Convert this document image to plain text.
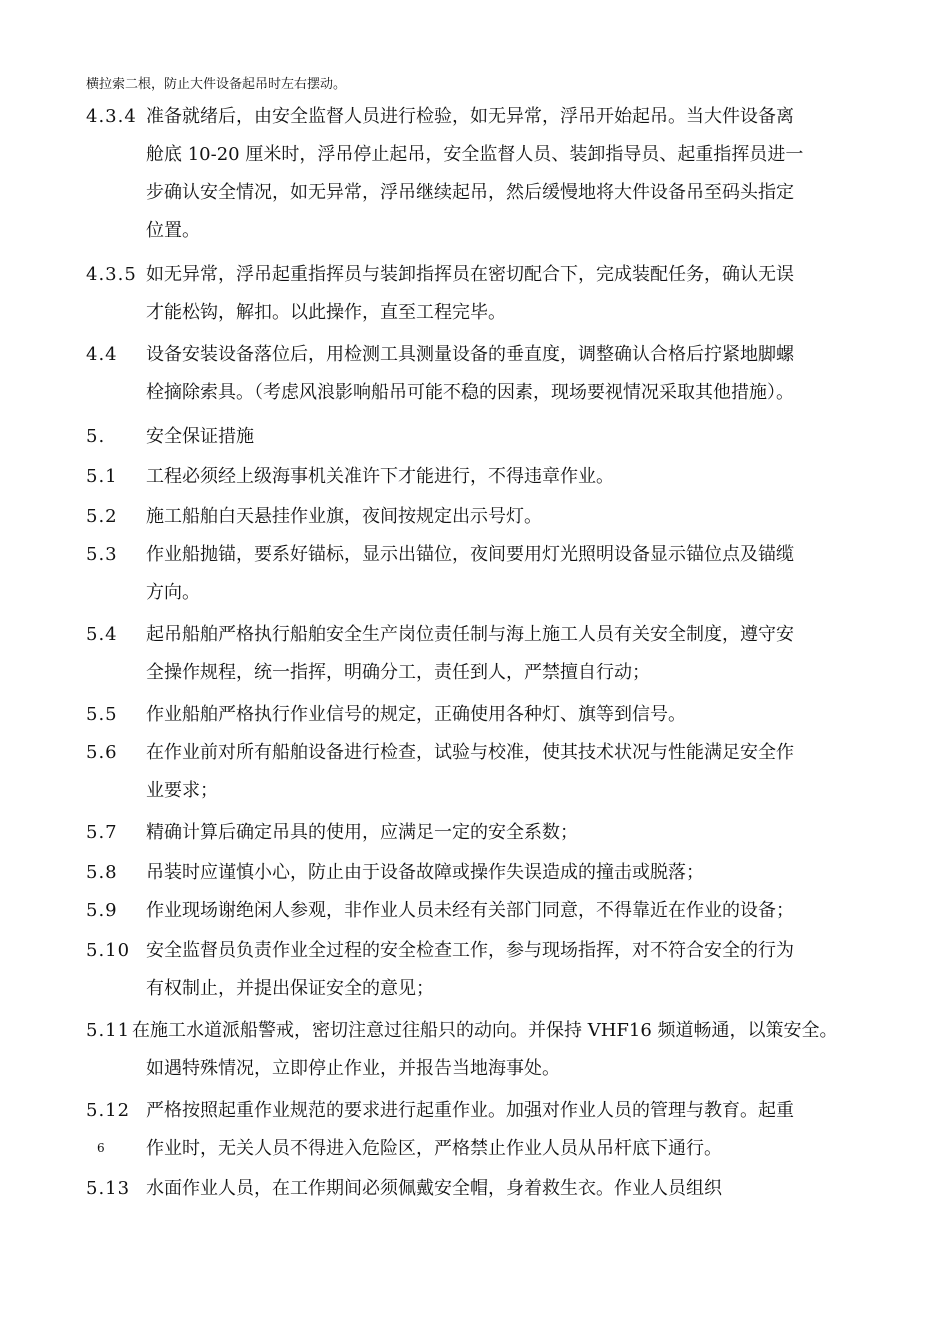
横拉索二根，防止大件设备起吊时左右摆动。
4.3.4 准备就绪后，由安全监督人员进行检验，如无异常，浮吊开始起吊。当大件设备离
舱底 10-20 厘米时，浮吊停止起吊，安全监督人员、装卸指导员、起重指挥员进一
步确认安全情况，如无异常，浮吊继续起吊，然后缓慢地将大件设备吊至码头指定
位置。
4.3.5 如无异常，浮吊起重指挥员与装卸指挥员在密切配合下，完成装配任务，确认无误
才能松钩，解扣。以此操作，直至工程完毕。
4.4 设备安装设备落位后，用检测工具测量设备的垂直度，调整确认合格后拧紧地脚螺
栓摘除索具。（考虑风浪影响船吊可能不稳的因素，现场要视情况采取其他措施）。
5. 安全保证措施
5.1 工程必须经上级海事机关准许下才能进行，不得违章作业。
5.2 施工船舶白天悬挂作业旗，夜间按规定出示号灯。
5.3 作业船抛锚，要系好锚标，显示出锚位，夜间要用灯光照明设备显示锚位点及锚缆
方向。
5.4 起吊船舶严格执行船舶安全生产岗位责任制与海上施工人员有关安全制度，遵守安
全操作规程，统一指挥，明确分工，责任到人，严禁擅自行动；
5.5 作业船舶严格执行作业信号的规定，正确使用各种灯、旗等到信号。
5.6 在作业前对所有船舶设备进行检查，试验与校准，使其技术状况与性能满足安全作
业要求；
5.7 精确计算后确定吊具的使用，应满足一定的安全系数；
5.8 吊装时应谨慎小心，防止由于设备故障或操作失误造成的撞击或脱落；
5.9 作业现场谢绝闲人参观，非作业人员未经有关部门同意，不得靠近在作业的设备；
5.10 安全监督员负责作业全过程的安全检查工作，参与现场指挥，对不符合安全的行为
有权制止，并提出保证安全的意见；
5.11 在施工水道派船警戒，密切注意过往船只的动向。并保持 VHF16 频道畅通，以策安全。
如遇特殊情况，立即停止作业，并报告当地海事处。
5.12 严格按照起重作业规范的要求进行起重作业。加强对作业人员的管理与教育。起重
作业时，无关人员不得进入危险区，严格禁止作业人员从吊杆底下通行。
5.13 水面作业人员，在工作期间必须佩戴安全帽，身着救生衣。作业人员组织
6
